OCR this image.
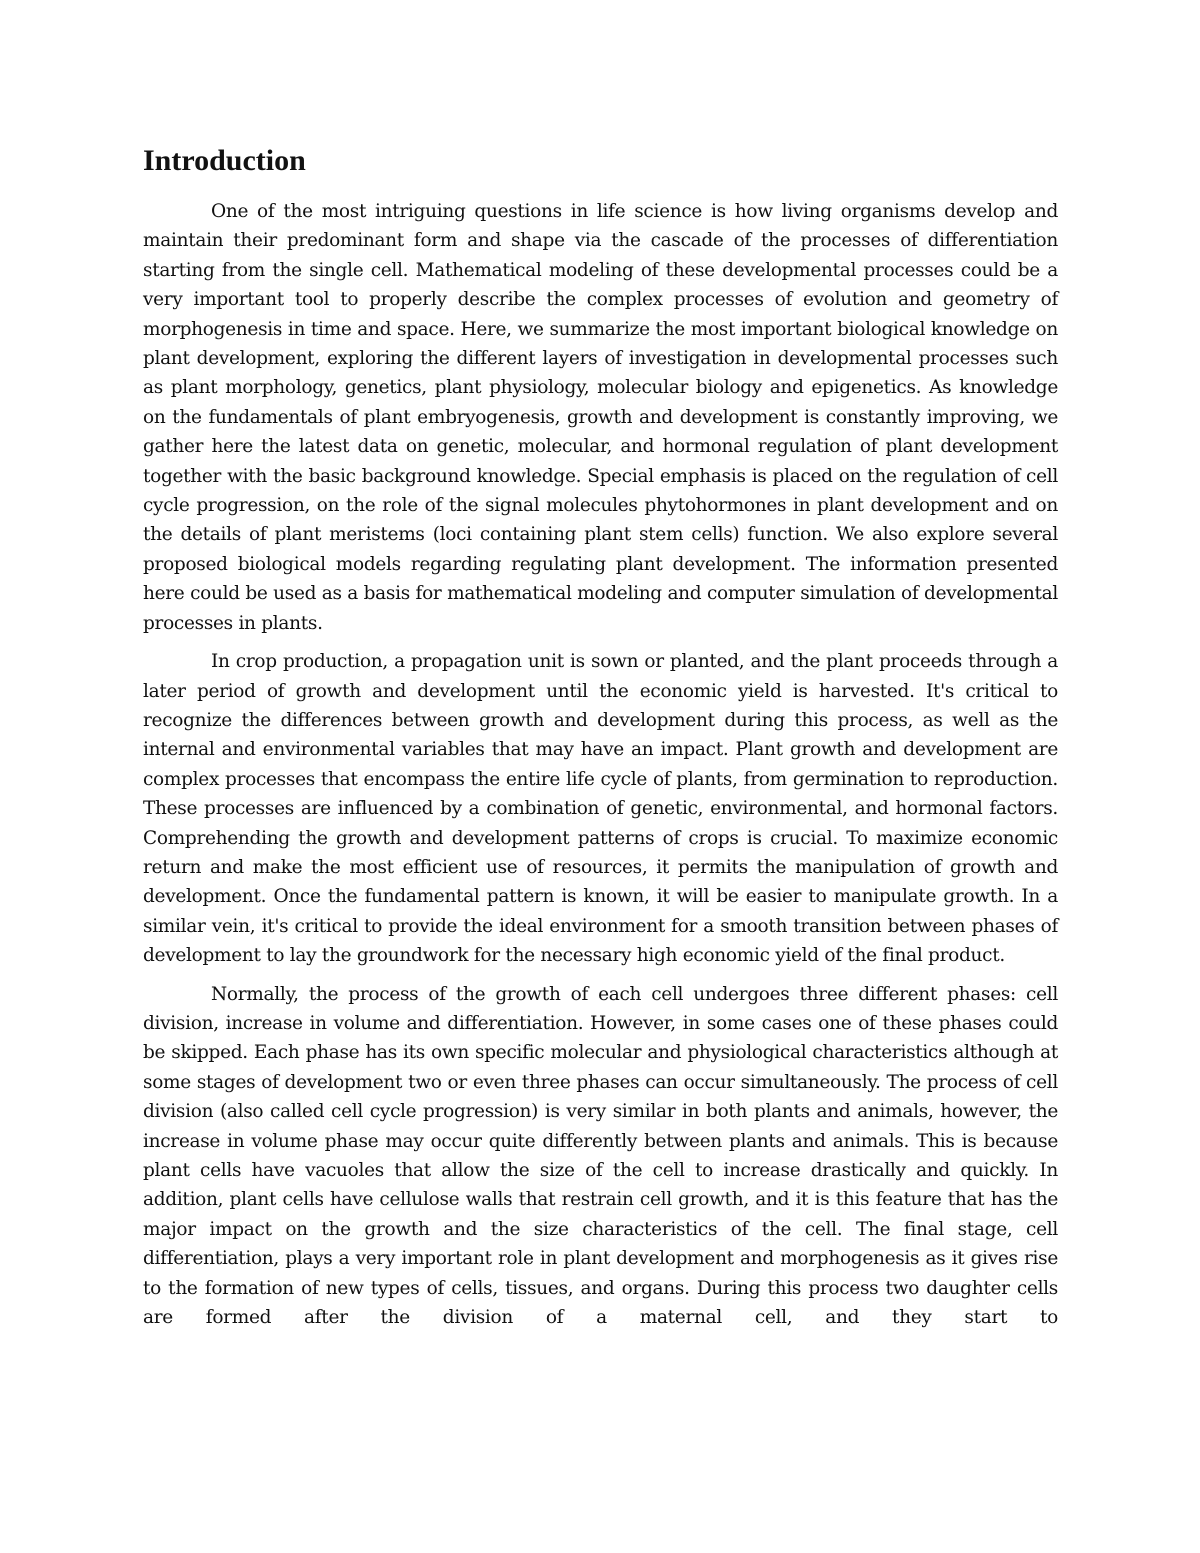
Introduction

One of the most intriguing questions in life science is how living organisms develop and maintain their predominant form and shape via the cascade of the processes of differentiation starting from the single cell. Mathematical modeling of these developmental processes could be a very important tool to properly describe the complex processes of evolution and geometry of morphogenesis in time and space. Here, we summarize the most important biological knowledge on plant development, exploring the different layers of investigation in developmental processes such as plant morphology, genetics, plant physiology, molecular biology and epigenetics. As knowledge on the fundamentals of plant embryogenesis, growth and development is constantly improving, we gather here the latest data on genetic, molecular, and hormonal regulation of plant development together with the basic background knowledge. Special emphasis is placed on the regulation of cell cycle progression, on the role of the signal molecules phytohormones in plant development and on the details of plant meristems (loci containing plant stem cells) function. We also explore several proposed biological models regarding regulating plant development. The information presented here could be used as a basis for mathematical modeling and computer simulation of developmental processes in plants.

In crop production, a propagation unit is sown or planted, and the plant proceeds through a later period of growth and development until the economic yield is harvested. It's critical to recognize the differences between growth and development during this process, as well as the internal and environmental variables that may have an impact. Plant growth and development are complex processes that encompass the entire life cycle of plants, from germination to reproduction. These processes are influenced by a combination of genetic, environmental, and hormonal factors. Comprehending the growth and development patterns of crops is crucial. To maximize economic return and make the most efficient use of resources, it permits the manipulation of growth and development. Once the fundamental pattern is known, it will be easier to manipulate growth. In a similar vein, it's critical to provide the ideal environment for a smooth transition between phases of development to lay the groundwork for the necessary high economic yield of the final product.

Normally, the process of the growth of each cell undergoes three different phases: cell division, increase in volume and differentiation. However, in some cases one of these phases could be skipped. Each phase has its own specific molecular and physiological characteristics although at some stages of development two or even three phases can occur simultaneously. The process of cell division (also called cell cycle progression) is very similar in both plants and animals, however, the increase in volume phase may occur quite differently between plants and animals. This is because plant cells have vacuoles that allow the size of the cell to increase drastically and quickly. In addition, plant cells have cellulose walls that restrain cell growth, and it is this feature that has the major impact on the growth and the size characteristics of the cell. The final stage, cell differentiation, plays a very important role in plant development and morphogenesis as it gives rise to the formation of new types of cells, tissues, and organs. During this process two daughter cells are formed after the division of a maternal cell, and they start to
